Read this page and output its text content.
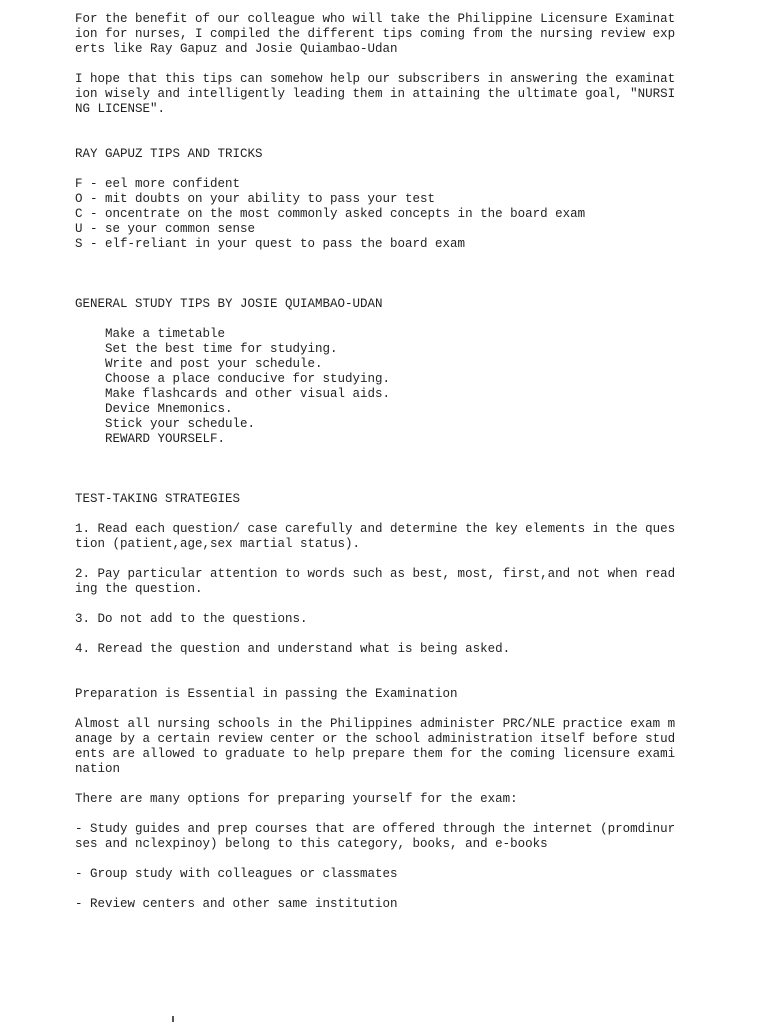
For the benefit of our colleague who will take the Philippine Licensure Examinat
ion for nurses, I compiled the different tips coming from the nursing review exp
erts like Ray Gapuz and Josie Quiambao-Udan
I hope that this tips can somehow help our subscribers in answering the examinat
ion wisely and intelligently leading them in attaining the ultimate goal, "NURSI
NG LICENSE".
RAY GAPUZ TIPS AND TRICKS
F - eel more confident
O - mit doubts on your ability to pass your test
C - oncentrate on the most commonly asked concepts in the board exam
U - se your common sense
S - elf-reliant in your quest to pass the board exam
GENERAL STUDY TIPS BY JOSIE QUIAMBAO-UDAN
Make a timetable
Set the best time for studying.
Write and post your schedule.
Choose a place conducive for studying.
Make flashcards and other visual aids.
Device Mnemonics.
Stick your schedule.
REWARD YOURSELF.
TEST-TAKING STRATEGIES
1. Read each question/ case carefully and determine the key elements in the ques
tion (patient,age,sex martial status).
2. Pay particular attention to words such as best, most, first,and not when read
ing the question.
3. Do not add to the questions.
4. Reread the question and understand what is being asked.
Preparation is Essential in passing the Examination
Almost all nursing schools in the Philippines administer PRC/NLE practice exam m
anage by a certain review center or the school administration itself before stud
ents are allowed to graduate to help prepare them for the coming licensure exami
nation
There are many options for preparing yourself for the exam:
- Study guides and prep courses that are offered through the internet (promdinur
ses and nclexpinoy) belong to this category, books, and e-books
- Group study with colleagues or classmates
- Review centers and other same institution
